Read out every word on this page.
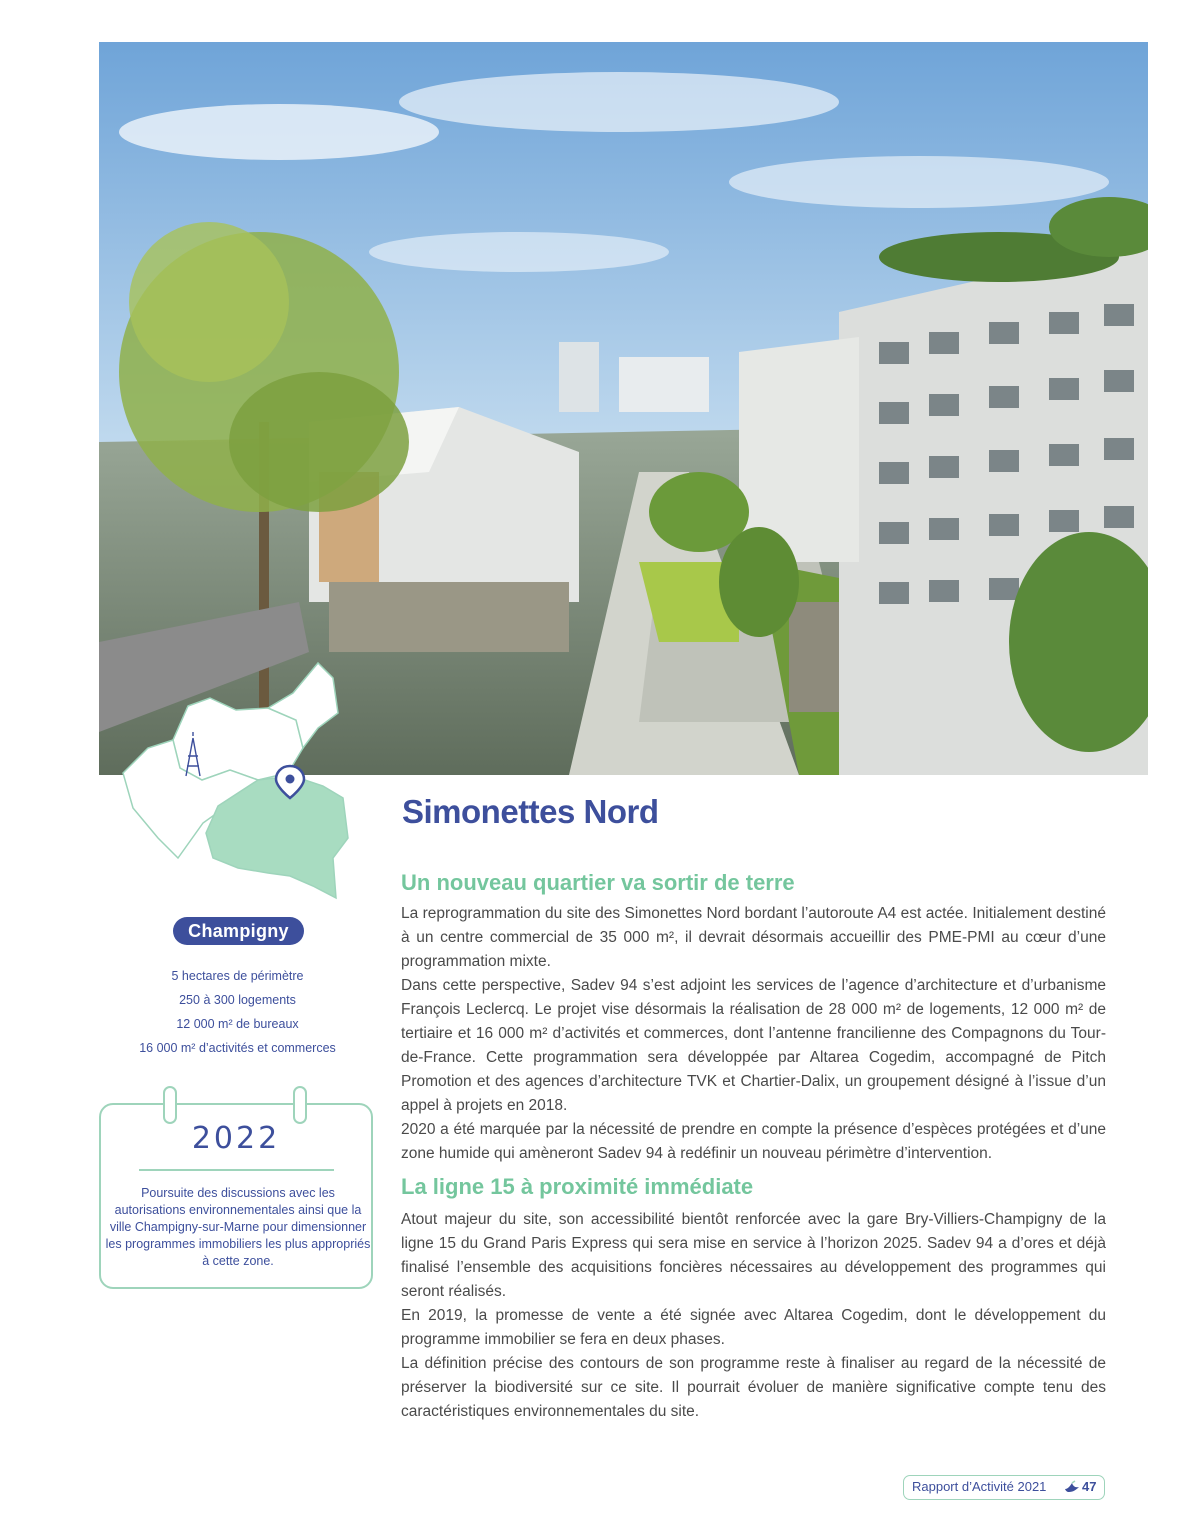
Champigny
5 hectares de périmètre
250 à 300 logements
12 000 m² de bureaux
16 000 m² d’activités et commerces
2022
Poursuite des discussions avec les autorisations environnementales ainsi que la ville Champigny-sur-Marne pour dimensionner les programmes immobiliers les plus appropriés à cette zone.
Simonettes Nord
Un nouveau quartier va sortir de terre

La reprogrammation du site des Simonettes Nord bordant l’autoroute A4 est actée. Initialement destiné à un centre commercial de 35 000 m², il devrait désormais accueillir des PME-PMI au cœur d’une programmation mixte.

Dans cette perspective, Sadev 94 s’est adjoint les services de l’agence d’architecture et d’urbanisme François Leclercq. Le projet vise désormais la réalisation de 28 000 m² de logements, 12 000 m² de tertiaire et 16 000 m² d’activités et commerces, dont l’antenne francilienne des Compagnons du Tour-de-France. Cette programmation sera développée par Altarea Cogedim, accompagné de Pitch Promotion et des agences d’architecture TVK et Chartier-Dalix, un groupement désigné à l’issue d’un appel à projets en 2018.

2020 a été marquée par la nécessité de prendre en compte la présence d’espèces protégées et d’une zone humide qui amèneront Sadev 94 à redéfinir un nouveau périmètre d’intervention.

La ligne 15 à proximité immédiate

Atout majeur du site, son accessibilité bientôt renforcée avec la gare Bry-Villiers-Champigny de la ligne 15 du Grand Paris Express qui sera mise en service à l’horizon 2025. Sadev 94 a d’ores et déjà finalisé l’ensemble des acquisitions foncières nécessaires au développement des programmes qui seront réalisés.

En 2019, la promesse de vente a été signée avec Altarea Cogedim, dont le développement du programme immobilier se fera en deux phases.

La définition précise des contours de son programme reste à finaliser au regard de la nécessité de préserver la biodiversité sur ce site. Il pourrait évoluer de manière significative compte tenu des caractéristiques environnementales du site.

Rapport d’Activité 2021	47
